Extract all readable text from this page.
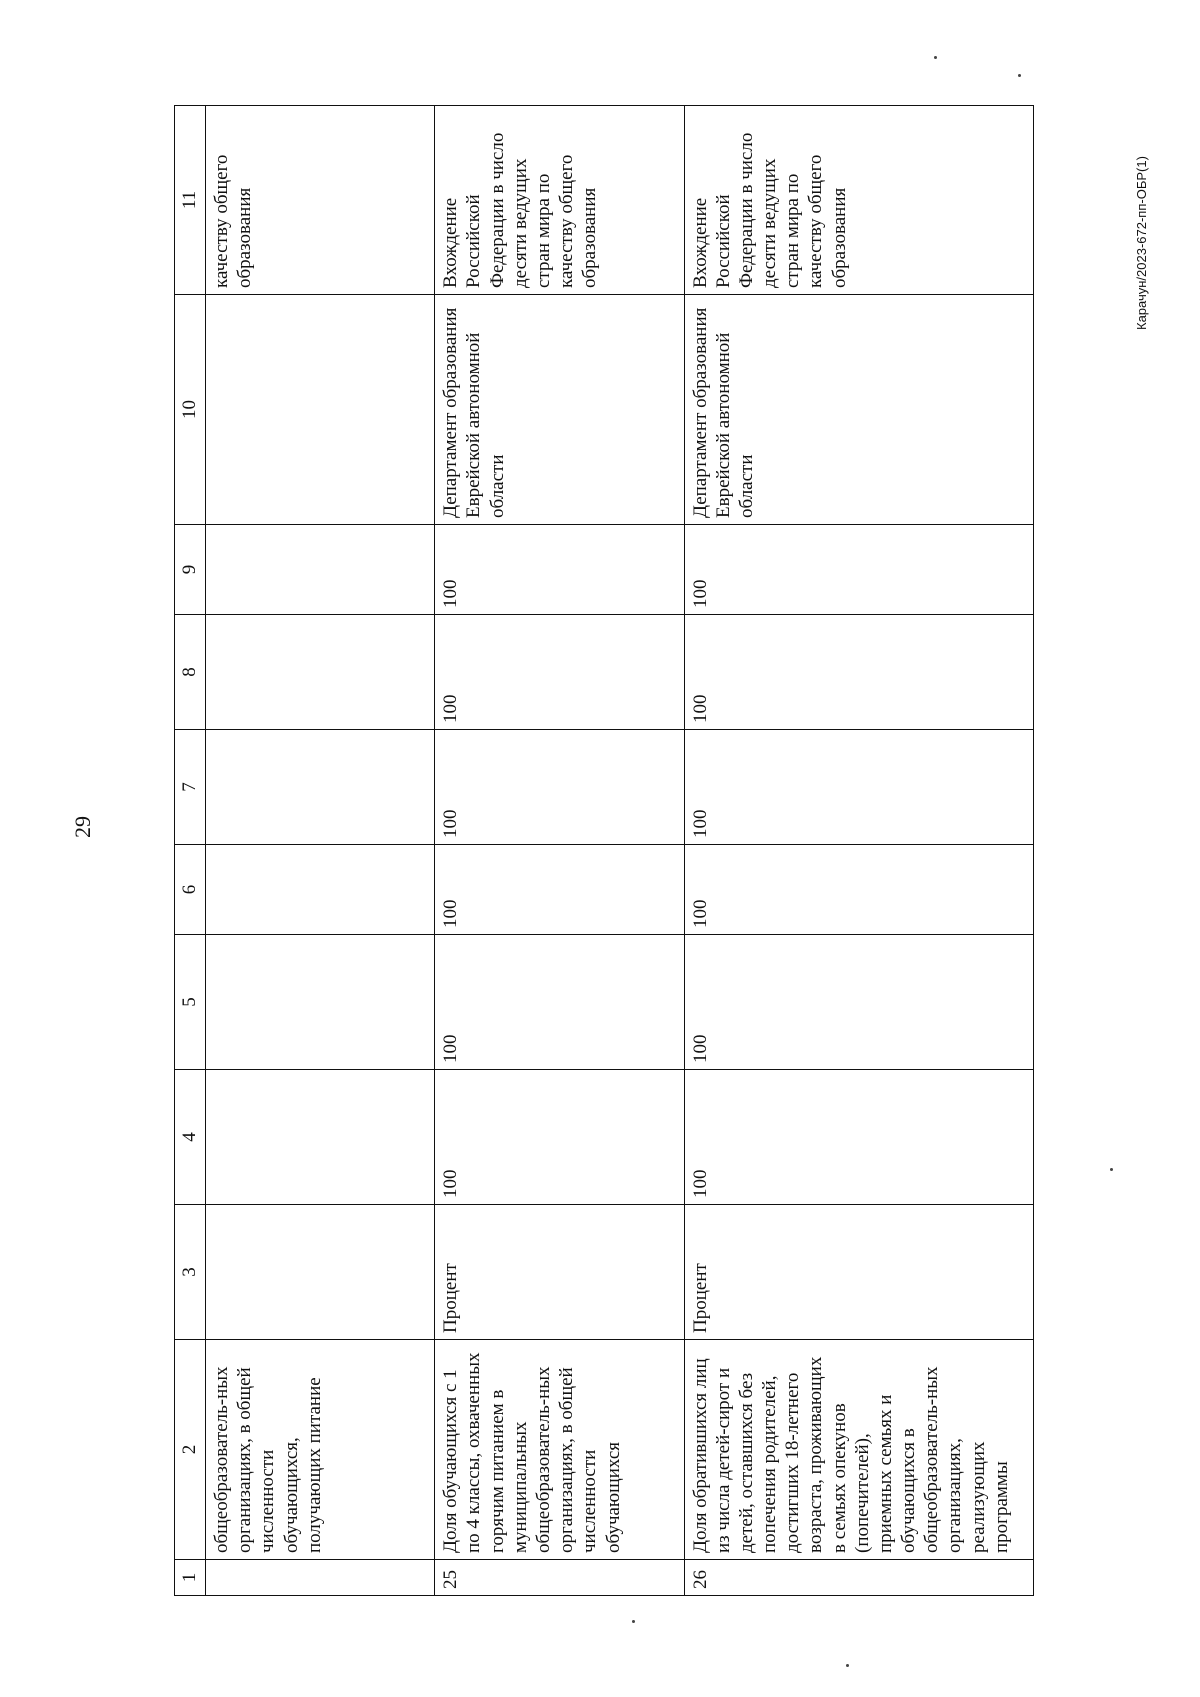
29
Карачун/2023-672-пп-ОБР(1)
1	2	3	4	5	6	7	8	9	10	11
	общеобразователь-ных организациях, в общей численности обучающихся, получающих питание									качеству общего образования
25	Доля обучающихся с 1 по 4 классы, охваченных горячим питанием в муниципальных общеобразователь-ных организациях, в общей численности обучающихся	Процент	100	100	100	100	100	100	Департамент образования Еврейской автономной области	Вхождение Российской Федерации в число десяти ведущих стран мира по качеству общего образования
26	Доля обратившихся лиц из числа детей-сирот и детей, оставшихся без попечения родителей, достигших 18-летнего возраста, проживающих в семьях опекунов (попечителей), приемных семьях и обучающихся в общеобразователь-ных организациях, реализующих программы	Процент	100	100	100	100	100	100	Департамент образования Еврейской автономной области	Вхождение Российской Федерации в число десяти ведущих стран мира по качеству общего образования
